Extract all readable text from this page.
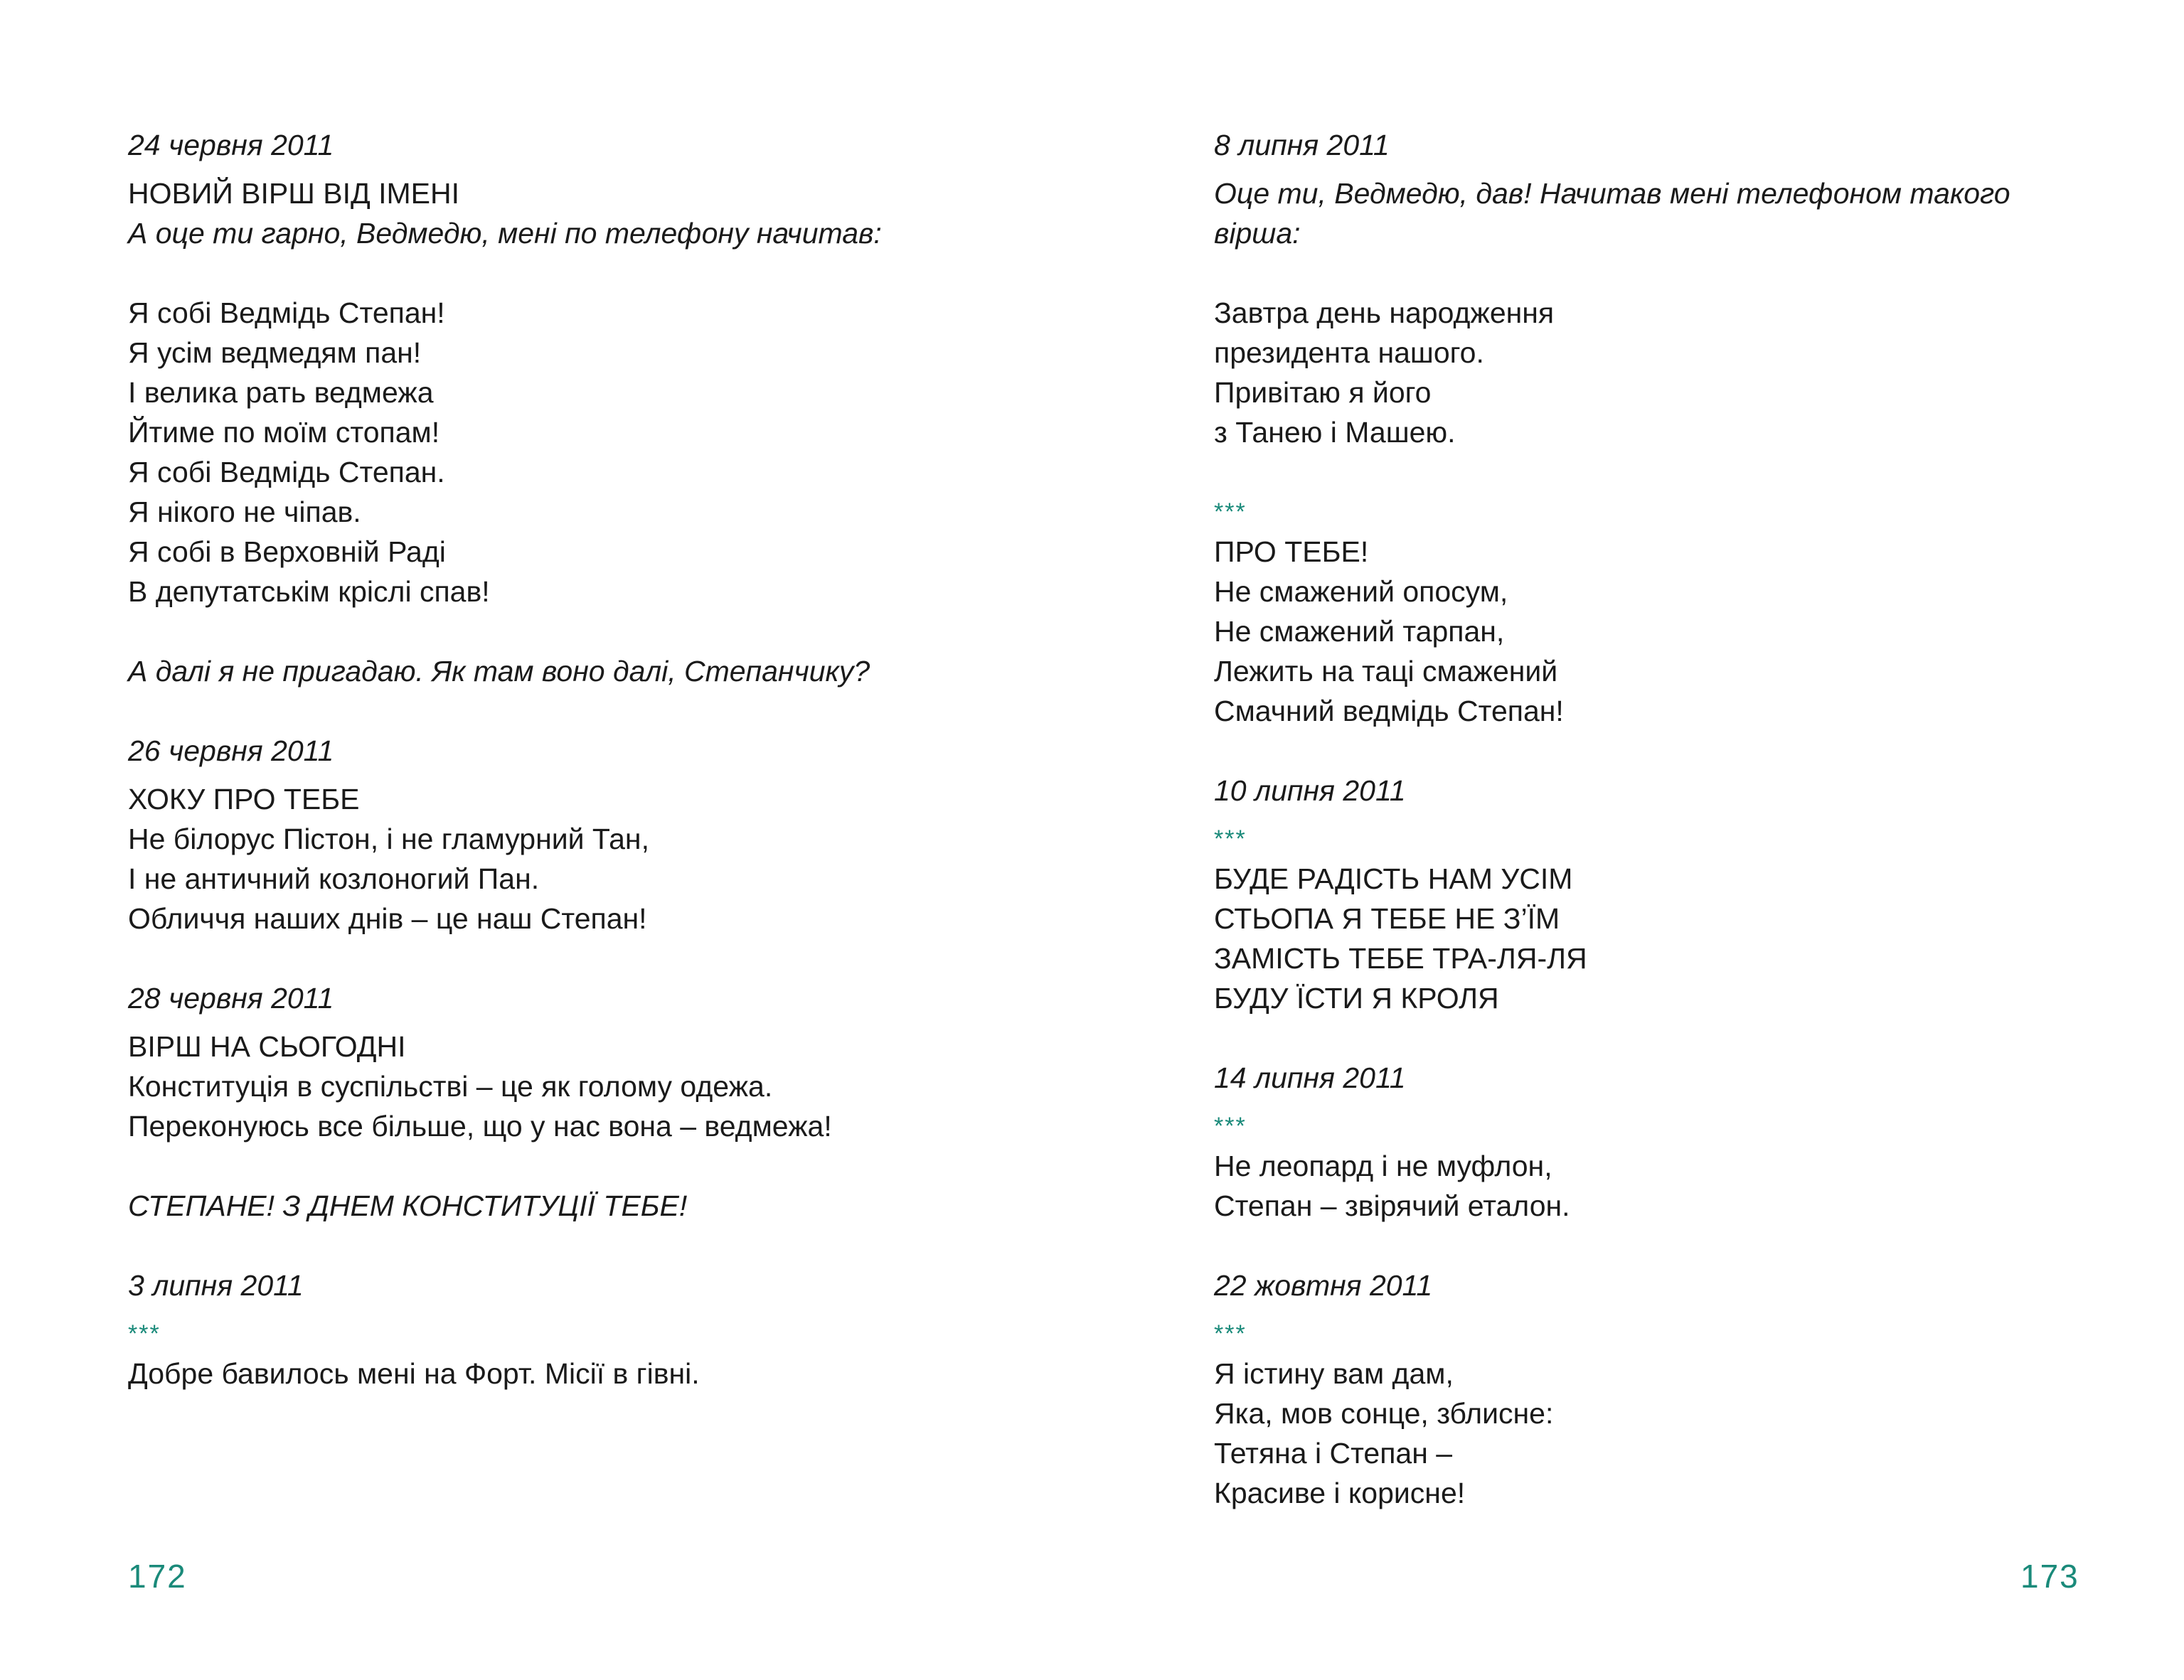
24 червня 2011
НОВИЙ ВІРШ ВІД ІМЕНІ
А оце ти гарно, Ведмедю, мені по телефону начитав:
Я собі Ведмідь Степан!
Я усім ведмедям пан!
І велика рать ведмежа
Йтиме по моїм стопам!
Я собі Ведмідь Степан.
Я нікого не чіпав.
Я собі в Верховній Раді
В депутатськім кріслі спав!
А далі я не пригадаю. Як там воно далі, Степанчику?
26 червня 2011
ХОКУ ПРО ТЕБЕ
Не білорус Пістон, і не гламурний Тан,
І не античний козлоногий Пан.
Обличчя наших днів – це наш Степан!
28 червня 2011
ВІРШ НА СЬОГОДНІ
Конституція в суспільстві – це як голому одежа.
Переконуюсь все більше, що у нас вона – ведмежа!
СТЕПАНЕ! З ДНЕМ КОНСТИТУЦІЇ ТЕБЕ!
3 липня 2011
***
Добре бавилось мені на Форт. Місії в гівні.
172
8 липня 2011
Оце ти, Ведмедю, дав! Начитав мені телефоном такого
вірша:
Завтра день народження
президента нашого.
Привітаю я його
з Танею і Машею.
***
ПРО ТЕБЕ!
Не смажений опосум,
Не смажений тарпан,
Лежить на таці смажений
Смачний ведмідь Степан!
10 липня 2011
***
БУДЕ РАДІСТЬ НАМ УСІМ
СТЬОПА Я ТЕБЕ НЕ З’ЇМ
ЗАМІСТЬ ТЕБЕ ТРА-ЛЯ-ЛЯ
БУДУ ЇСТИ Я КРОЛЯ
14 липня 2011
***
Не леопард і не муфлон,
Степан – звірячий еталон.
22 жовтня 2011
***
Я істину вам дам,
Яка, мов сонце, зблисне:
Тетяна і Степан –
Красиве і корисне!
173
